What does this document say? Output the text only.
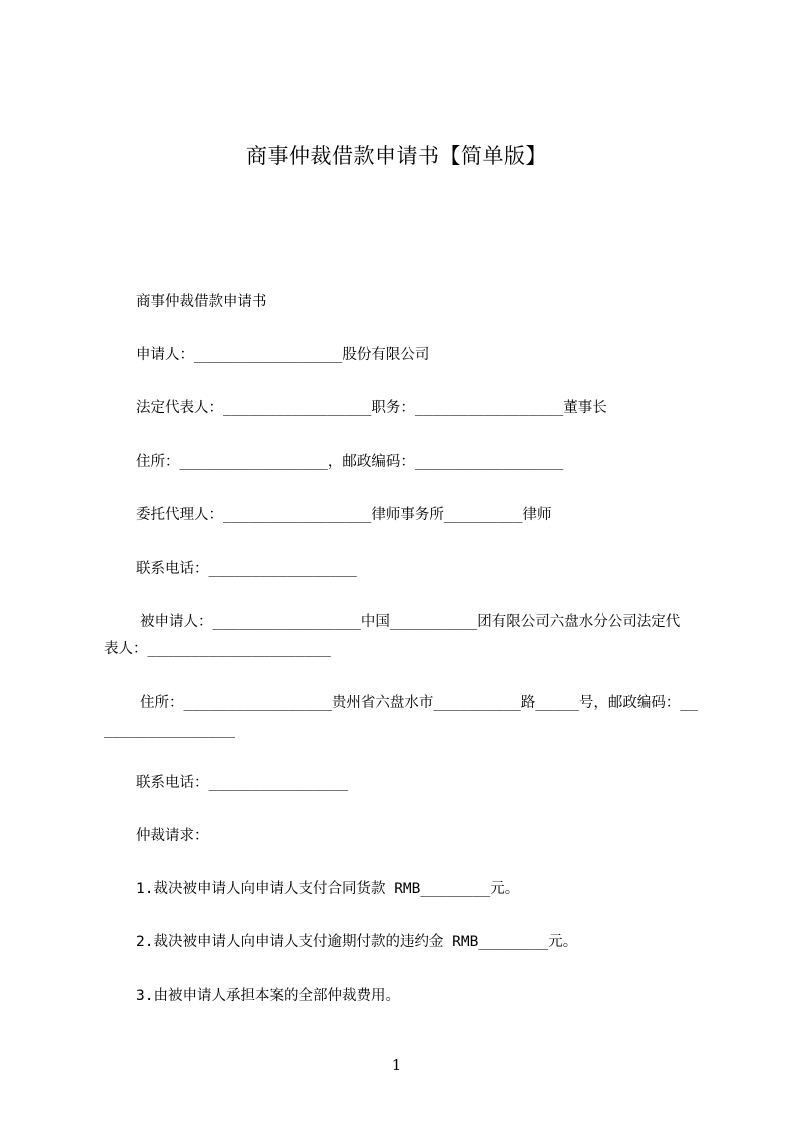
商事仲裁借款申请书【简单版】
商事仲裁借款申请书
申请人：_________________股份有限公司
法定代表人：_________________职务：_________________董事长
住所：_________________，邮政编码：_________________
委托代理人：_________________律师事务所_________律师
联系电话：_________________
被申请人：_________________中国__________团有限公司六盘水分公司法定代
表人：_____________________
住所：_________________贵州省六盘水市__________路_____号，邮政编码：__
_______________
联系电话：________________
仲裁请求：
1.裁决被申请人向申请人支付合同货款 RMB________元。
2.裁决被申请人向申请人支付逾期付款的违约金 RMB________元。
3.由被申请人承担本案的全部仲裁费用。
1
